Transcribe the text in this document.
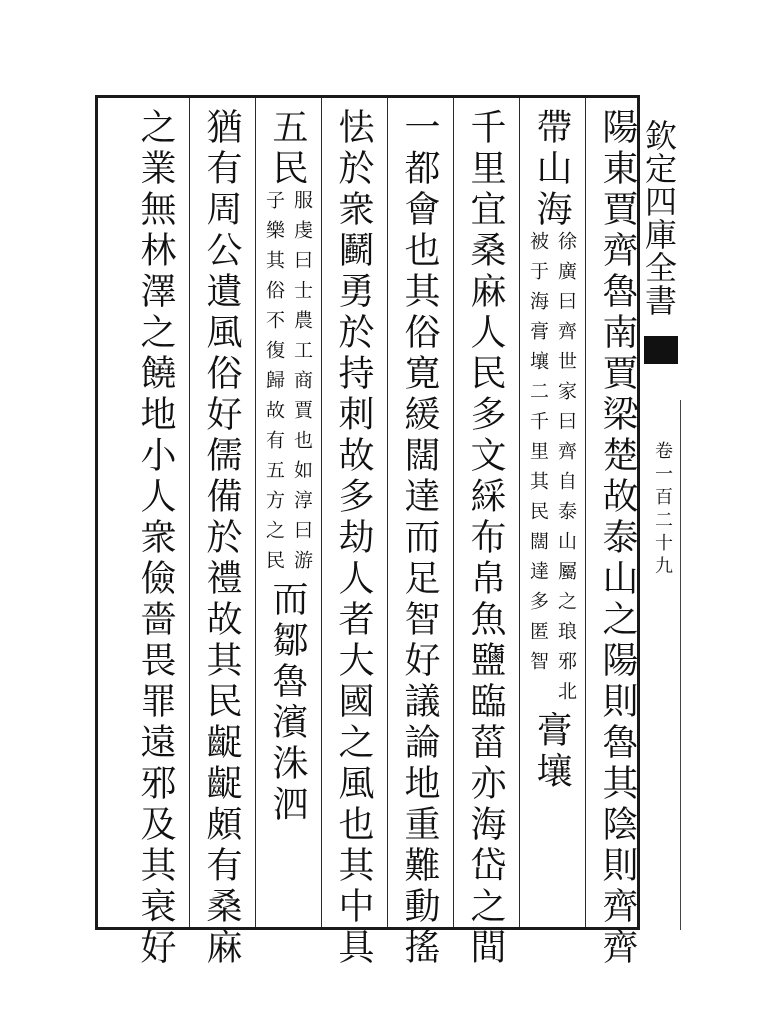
陽東賈齊魯南賈梁楚故泰山之陽則魯其陰則齊齊
帶山海
徐廣曰齊世家曰齊自泰山屬之琅邪北
被于海膏壤二千里其民闊達多匿智
膏壤
千里宜桑麻人民多文綵布帛魚鹽臨菑亦海岱之間
一都會也其俗寛緩闊達而足智好議論地重難動搖
怯於衆鬬勇於持刺故多劫人者大國之風也其中具
五民
服虔曰士農工商賈也如淳曰游
子樂其俗不復歸故有五方之民
而鄒魯濱洙泗
猶有周公遺風俗好儒備於禮故其民齪齪頗有桑麻
之業無林澤之饒地小人衆儉嗇畏罪遠邪及其衰好	欽定四庫全書
卷一百二十九
